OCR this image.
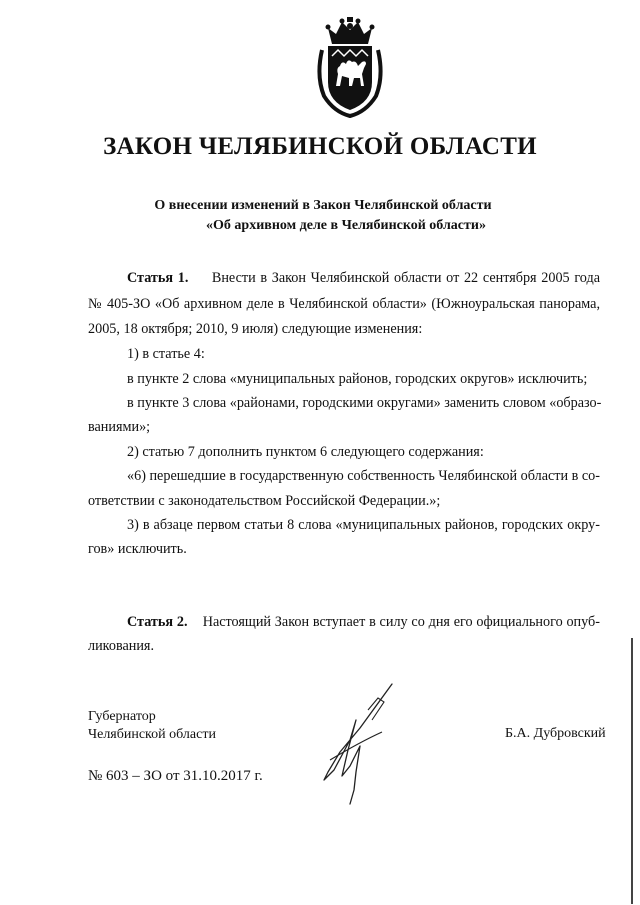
ЗАКОН ЧЕЛЯБИНСКОЙ ОБЛАСТИ
О внесении изменений в Закон Челябинской области
«Об архивном деле в Челябинской области»
Статья 1. Внести в Закон Челябинской области от 22 сентября 2005 года
№ 405-ЗО «Об архивном деле в Челябинской области» (Южноуральская панорама,
2005, 18 октября; 2010, 9 июля) следующие изменения:
1) в статье 4:
в пункте 2 слова «муниципальных районов, городских округов» исключить;
в пункте 3 слова «районами, городскими округами» заменить словом «образо-
ваниями»;
2) статью 7 дополнить пунктом 6 следующего содержания:
«6) перешедшие в государственную собственность Челябинской области в со-
ответствии с законодательством Российской Федерации.»;
3) в абзаце первом статьи 8 слова «муниципальных районов, городских окру-
гов» исключить.
Статья 2. Настоящий Закон вступает в силу со дня его официального опуб-
ликования.
Губернатор
Челябинской области	Б.А. Дубровский
№ 603 – ЗО от 31.10.2017 г.
